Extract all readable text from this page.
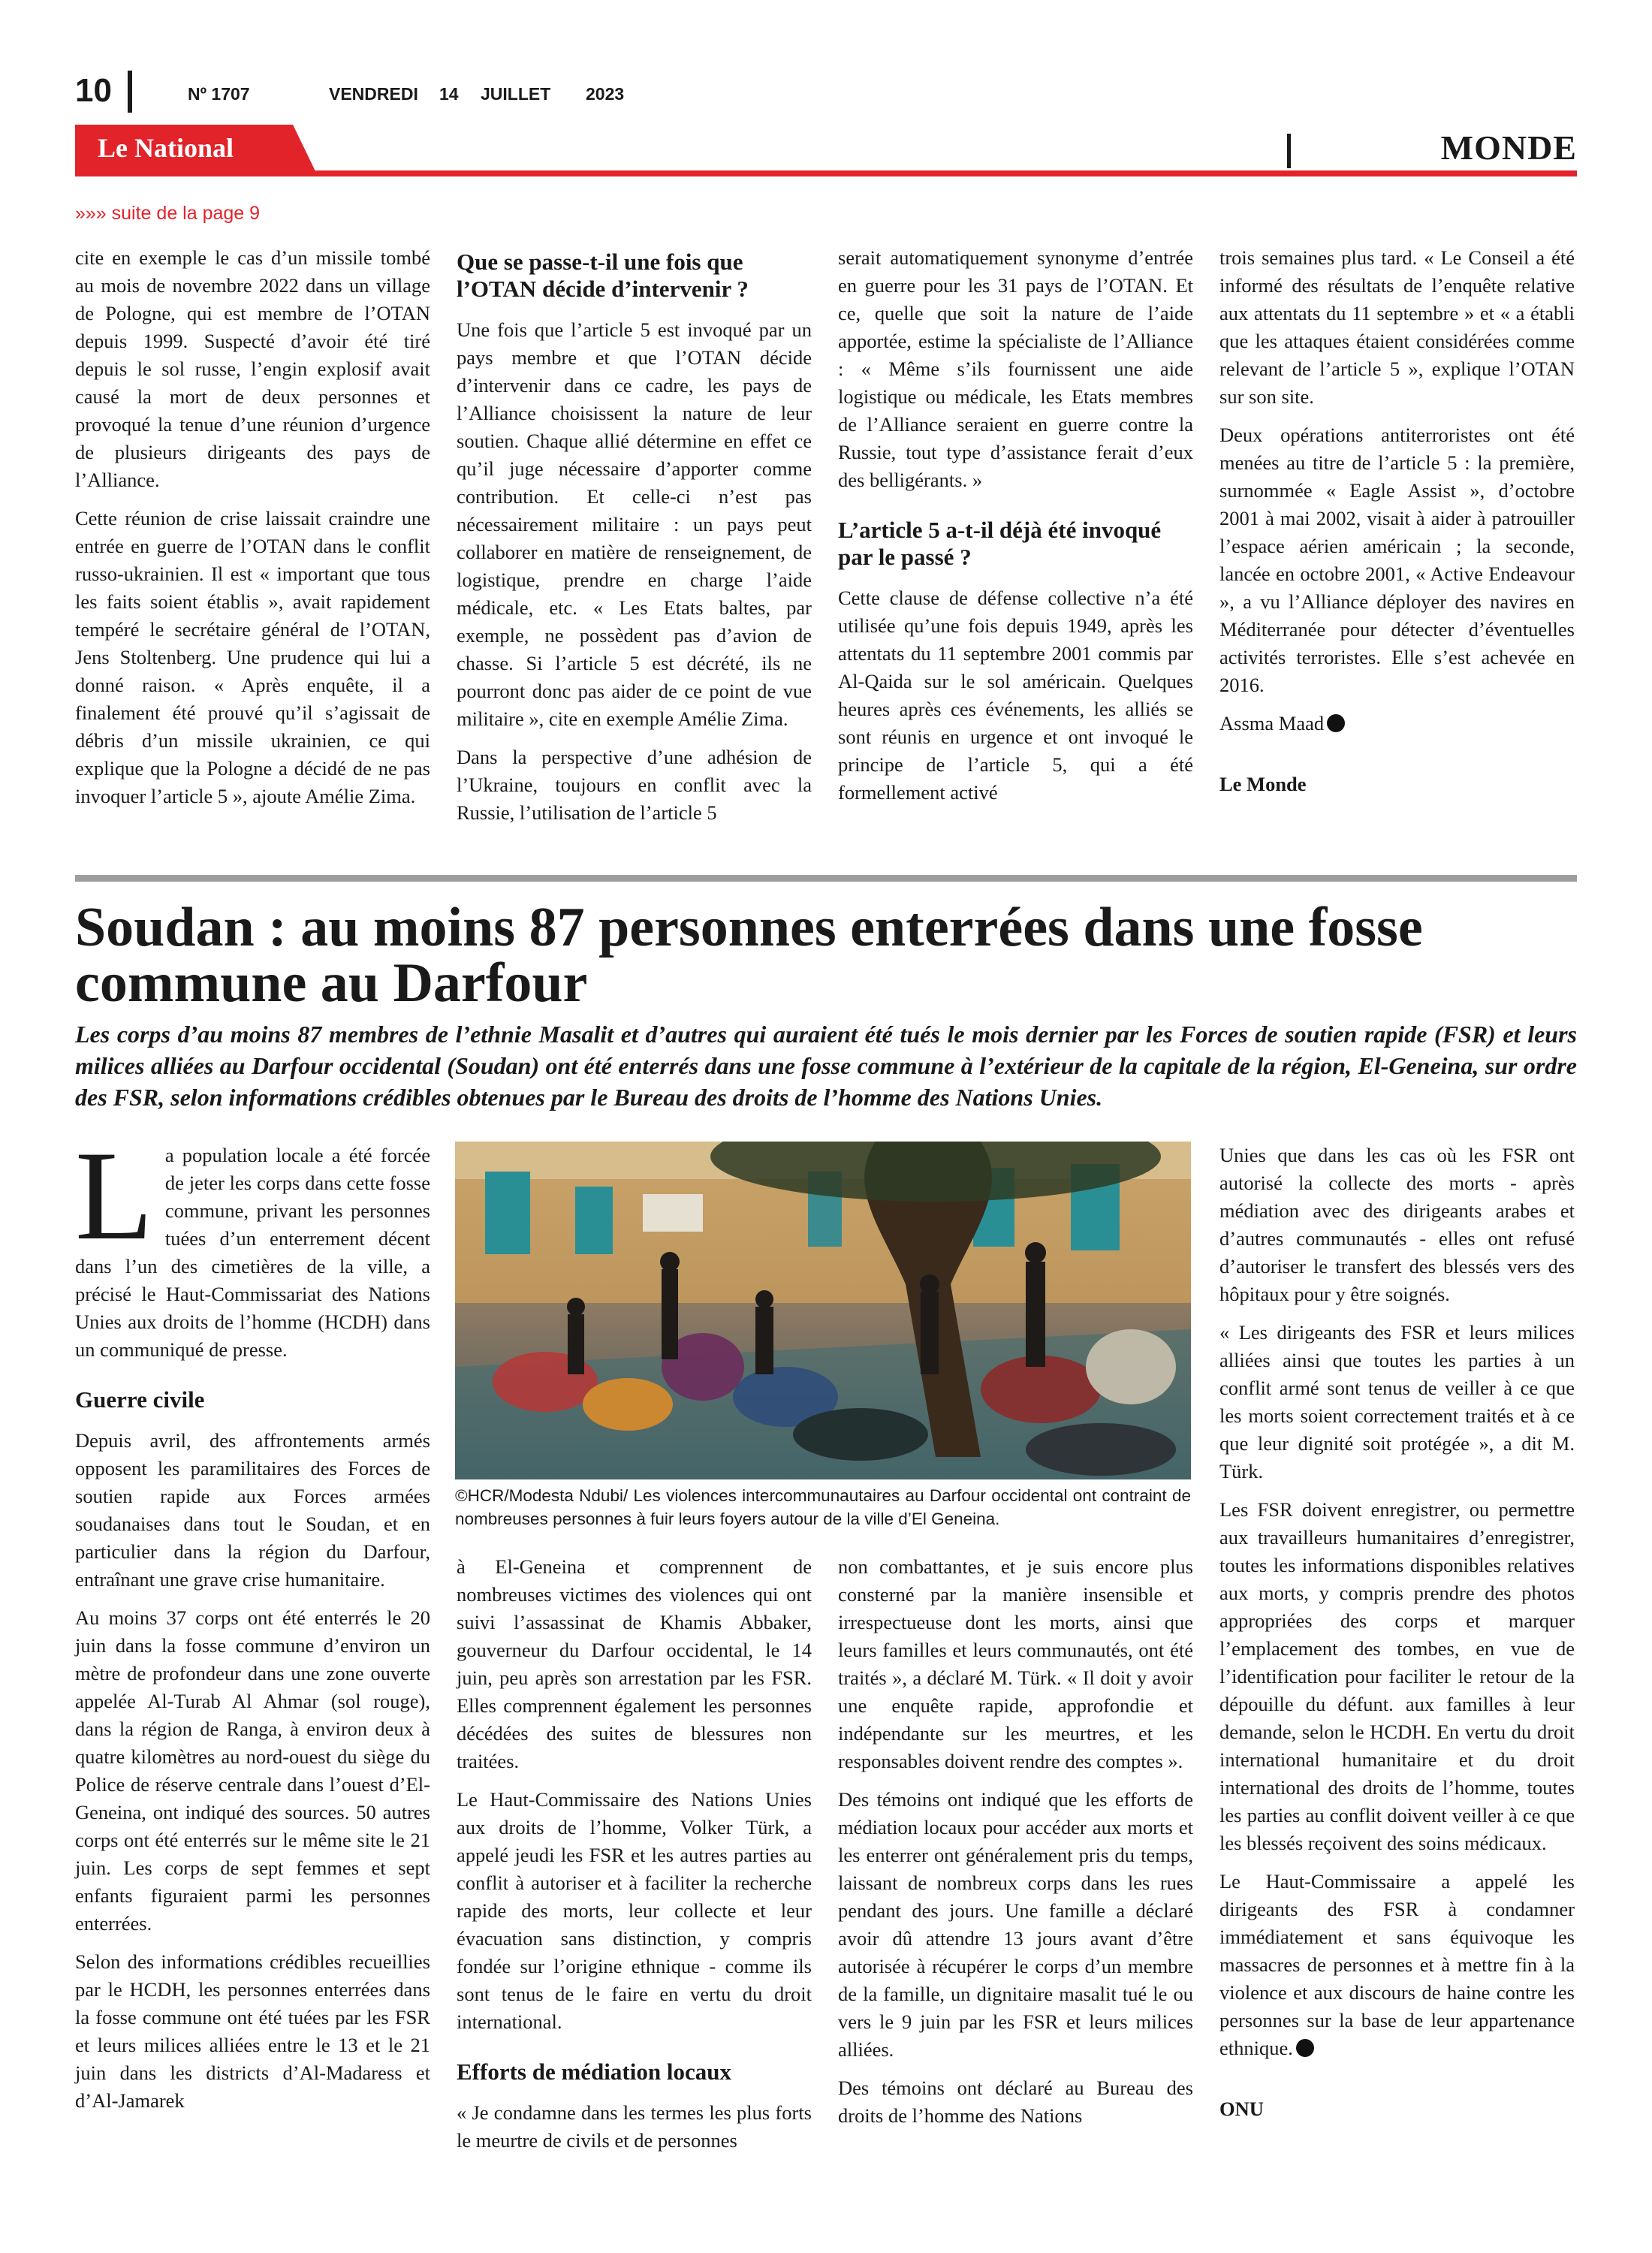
10	Nº 1707	VENDREDI 14 JUILLET 2023
Le National	MONDE
»»» suite de la page 9

cite en exemple le cas d’un missile tombé au mois de novembre 2022 dans un village de Pologne, qui est membre de l’OTAN depuis 1999. Suspecté d’avoir été tiré depuis le sol russe, l’engin explosif avait causé la mort de deux personnes et provoqué la tenue d’une réunion d’urgence de plusieurs dirigeants des pays de l’Alliance.

Cette réunion de crise laissait craindre une entrée en guerre de l’OTAN dans le conflit russo-ukrainien. Il est « important que tous les faits soient établis », avait rapidement tempéré le secrétaire général de l’OTAN, Jens Stoltenberg. Une prudence qui lui a donné raison. « Après enquête, il a finalement été prouvé qu’il s’agissait de débris d’un missile ukrainien, ce qui explique que la Pologne a décidé de ne pas invoquer l’article 5 », ajoute Amélie Zima.

Que se passe-t-il une fois que l’OTAN décide d’intervenir ?

Une fois que l’article 5 est invoqué par un pays membre et que l’OTAN décide d’intervenir dans ce cadre, les pays de l’Alliance choisissent la nature de leur soutien. Chaque allié détermine en effet ce qu’il juge nécessaire d’apporter comme contribution. Et celle-ci n’est pas nécessairement militaire : un pays peut collaborer en matière de renseignement, de logistique, prendre en charge l’aide médicale, etc. « Les Etats baltes, par exemple, ne possèdent pas d’avion de chasse. Si l’article 5 est décrété, ils ne pourront donc pas aider de ce point de vue militaire », cite en exemple Amélie Zima.

Dans la perspective d’une adhésion de l’Ukraine, toujours en conflit avec la Russie, l’utilisation de l’article 5

serait automatiquement synonyme d’entrée en guerre pour les 31 pays de l’OTAN. Et ce, quelle que soit la nature de l’aide apportée, estime la spécialiste de l’Alliance : « Même s’ils fournissent une aide logistique ou médicale, les Etats membres de l’Alliance seraient en guerre contre la Russie, tout type d’assistance ferait d’eux des belligérants. »

L’article 5 a-t-il déjà été invoqué par le passé ?

Cette clause de défense collective n’a été utilisée qu’une fois depuis 1949, après les attentats du 11 septembre 2001 commis par Al-Qaida sur le sol américain. Quelques heures après ces événements, les alliés se sont réunis en urgence et ont invoqué le principe de l’article 5, qui a été formellement activé

trois semaines plus tard. « Le Conseil a été informé des résultats de l’enquête relative aux attentats du 11 septembre » et « a établi que les attaques étaient considérées comme relevant de l’article 5 », explique l’OTAN sur son site.

Deux opérations antiterroristes ont été menées au titre de l’article 5 : la première, surnommée « Eagle Assist », d’octobre 2001 à mai 2002, visait à aider à patrouiller l’espace aérien américain ; la seconde, lancée en octobre 2001, « Active Endeavour », a vu l’Alliance déployer des navires en Méditerranée pour détecter d’éventuelles activités terroristes. Elle s’est achevée en 2016.

Assma Maad

Le Monde

Soudan : au moins 87 personnes enterrées dans une fosse commune au Darfour

Les corps d’au moins 87 membres de l’ethnie Masalit et d’autres qui auraient été tués le mois dernier par les Forces de soutien rapide (FSR) et leurs milices alliées au Darfour occidental (Soudan) ont été enterrés dans une fosse commune à l’extérieur de la capitale de la région, El-Geneina, sur ordre des FSR, selon informations crédibles obtenues par le Bureau des droits de l’homme des Nations Unies.

La population locale a été forcée de jeter les corps dans cette fosse commune, privant les personnes tuées d’un enterrement décent dans l’un des cimetières de la ville, a précisé le Haut-Commissariat des Nations Unies aux droits de l’homme (HCDH) dans un communiqué de presse.

Guerre civile

Depuis avril, des affrontements armés opposent les paramilitaires des Forces de soutien rapide aux Forces armées soudanaises dans tout le Soudan, et en particulier dans la région du Darfour, entraînant une grave crise humanitaire.

Au moins 37 corps ont été enterrés le 20 juin dans la fosse commune d’environ un mètre de profondeur dans une zone ouverte appelée Al-Turab Al Ahmar (sol rouge), dans la région de Ranga, à environ deux à quatre kilomètres au nord-ouest du siège du Police de réserve centrale dans l’ouest d’El-Geneina, ont indiqué des sources. 50 autres corps ont été enterrés sur le même site le 21 juin. Les corps de sept femmes et sept enfants figuraient parmi les personnes enterrées.

Selon des informations crédibles recueillies par le HCDH, les personnes enterrées dans la fosse commune ont été tuées par les FSR et leurs milices alliées entre le 13 et le 21 juin dans les districts d’Al-Madaress et d’Al-Jamarek

©HCR/Modesta Ndubi/ Les violences intercommunautaires au Darfour occidental ont contraint de nombreuses personnes à fuir leurs foyers autour de la ville d’El Geneina.

à El-Geneina et comprennent de nombreuses victimes des violences qui ont suivi l’assassinat de Khamis Abbaker, gouverneur du Darfour occidental, le 14 juin, peu après son arrestation par les FSR. Elles comprennent également les personnes décédées des suites de blessures non traitées.

Le Haut-Commissaire des Nations Unies aux droits de l’homme, Volker Türk, a appelé jeudi les FSR et les autres parties au conflit à autoriser et à faciliter la recherche rapide des morts, leur collecte et leur évacuation sans distinction, y compris fondée sur l’origine ethnique - comme ils sont tenus de le faire en vertu du droit international.

Efforts de médiation locaux

« Je condamne dans les termes les plus forts le meurtre de civils et de personnes

non combattantes, et je suis encore plus consterné par la manière insensible et irrespectueuse dont les morts, ainsi que leurs familles et leurs communautés, ont été traités », a déclaré M. Türk. « Il doit y avoir une enquête rapide, approfondie et indépendante sur les meurtres, et les responsables doivent rendre des comptes ».

Des témoins ont indiqué que les efforts de médiation locaux pour accéder aux morts et les enterrer ont généralement pris du temps, laissant de nombreux corps dans les rues pendant des jours. Une famille a déclaré avoir dû attendre 13 jours avant d’être autorisée à récupérer le corps d’un membre de la famille, un dignitaire masalit tué le ou vers le 9 juin par les FSR et leurs milices alliées.

Des témoins ont déclaré au Bureau des droits de l’homme des Nations

Unies que dans les cas où les FSR ont autorisé la collecte des morts - après médiation avec des dirigeants arabes et d’autres communautés - elles ont refusé d’autoriser le transfert des blessés vers des hôpitaux pour y être soignés.

« Les dirigeants des FSR et leurs milices alliées ainsi que toutes les parties à un conflit armé sont tenus de veiller à ce que les morts soient correctement traités et à ce que leur dignité soit protégée », a dit M. Türk.

Les FSR doivent enregistrer, ou permettre aux travailleurs humanitaires d’enregistrer, toutes les informations disponibles relatives aux morts, y compris prendre des photos appropriées des corps et marquer l’emplacement des tombes, en vue de l’identification pour faciliter le retour de la dépouille du défunt. aux familles à leur demande, selon le HCDH. En vertu du droit international humanitaire et du droit international des droits de l’homme, toutes les parties au conflit doivent veiller à ce que les blessés reçoivent des soins médicaux.

Le Haut-Commissaire a appelé les dirigeants des FSR à condamner immédiatement et sans équivoque les massacres de personnes et à mettre fin à la violence et aux discours de haine contre les personnes sur la base de leur appartenance ethnique.

ONU
